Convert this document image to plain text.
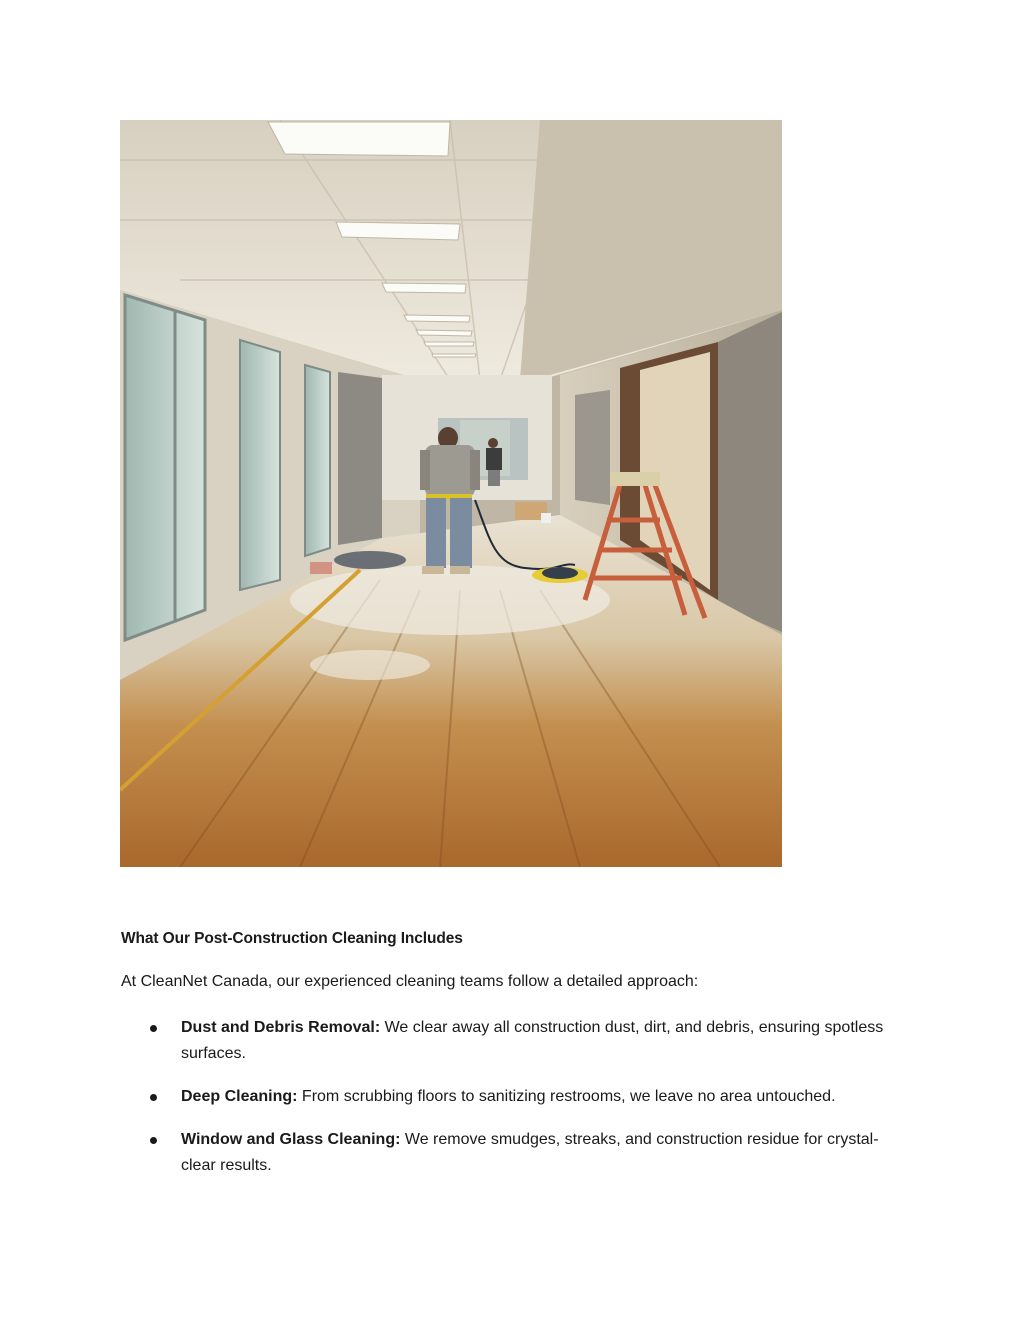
What Our Post-Construction Cleaning Includes
At CleanNet Canada, our experienced cleaning teams follow a detailed approach:
Dust and Debris Removal: We clear away all construction dust, dirt, and debris, ensuring spotless surfaces.
Deep Cleaning: From scrubbing floors to sanitizing restrooms, we leave no area untouched.
Window and Glass Cleaning: We remove smudges, streaks, and construction residue for crystal-clear results.
